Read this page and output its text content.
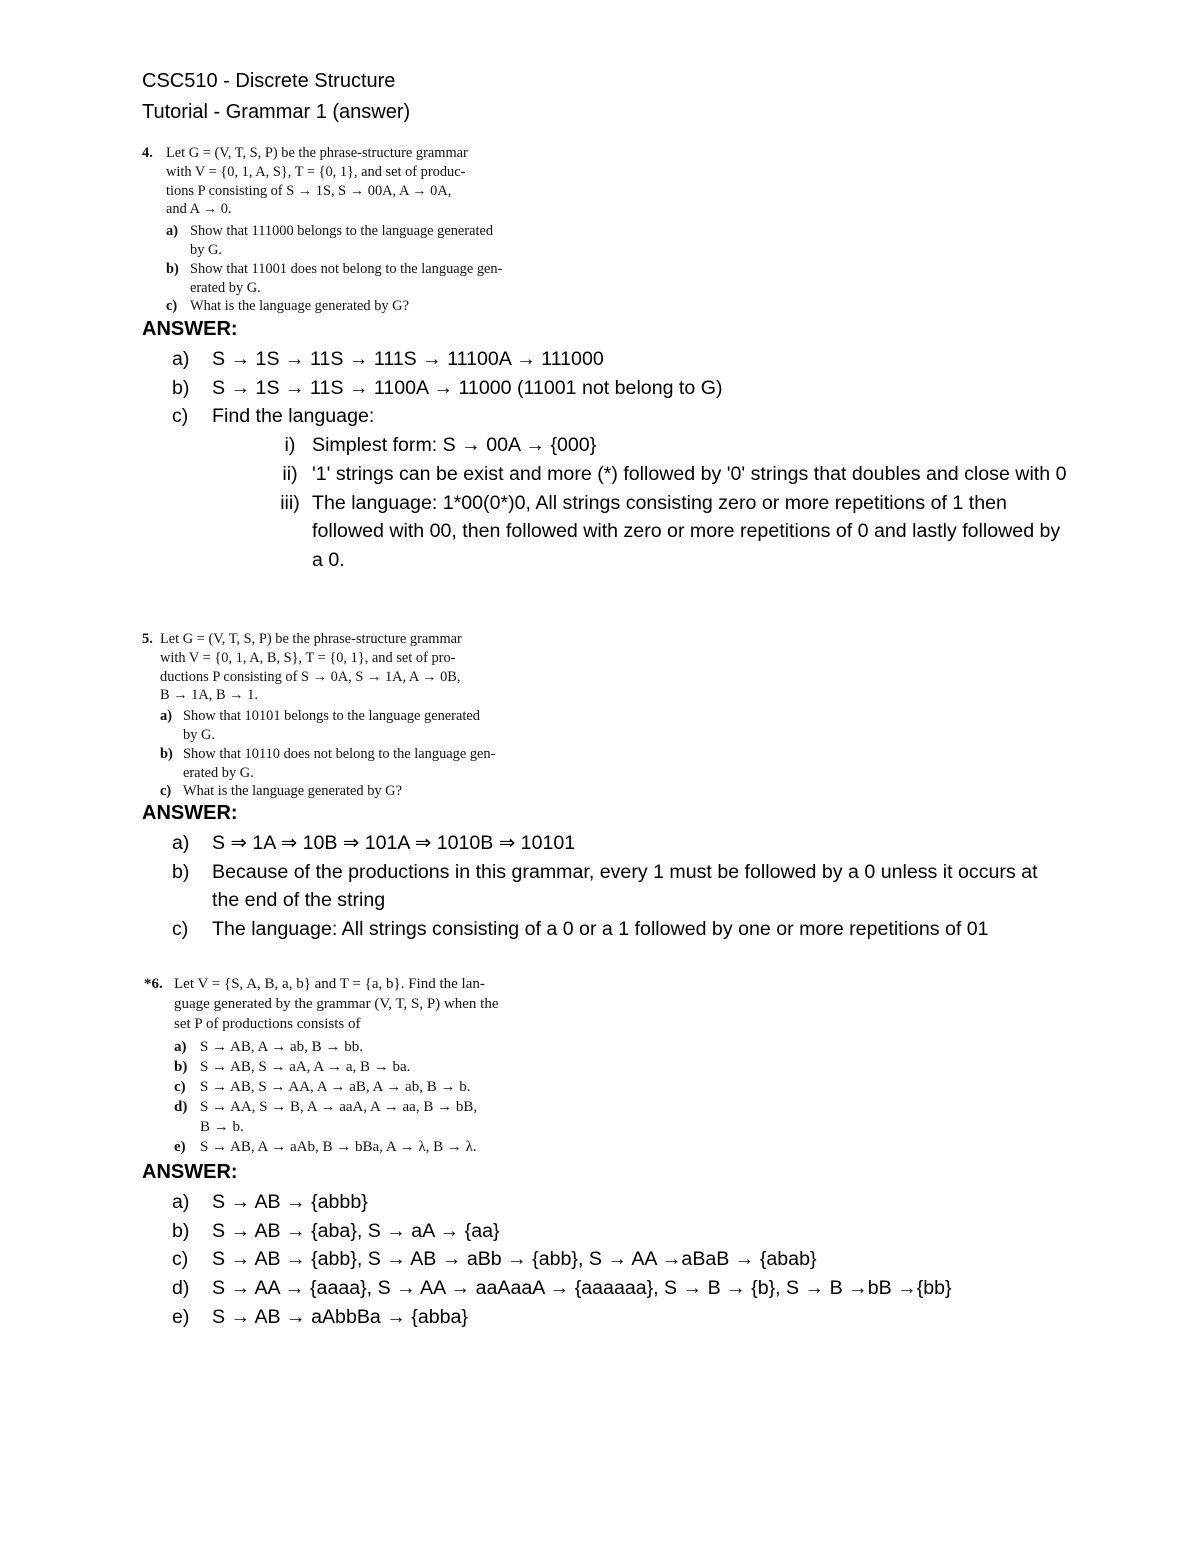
CSC510 - Discrete Structure
Tutorial - Grammar 1 (answer)
4. Let G = (V, T, S, P) be the phrase-structure grammar
with V = {0, 1, A, S}, T = {0, 1}, and set of produc-
tions P consisting of S → 1S, S → 00A, A → 0A,
and A → 0.
a) Show that 111000 belongs to the language generated
by G.
b) Show that 11001 does not belong to the language gen-
erated by G.
c) What is the language generated by G?
ANSWER:
a) S → 1S → 11S → 111S → 11100A → 111000
b) S → 1S → 11S → 1100A → 11000 (11001 not belong to G)
c) Find the language:
i) Simplest form: S → 00A → {000}
ii) '1' strings can be exist and more (*) followed by '0' strings that doubles and close with 0
iii) The language: 1*00(0*)0, All strings consisting zero or more repetitions of 1 then followed with 00, then followed with zero or more repetitions of 0 and lastly followed by a 0.
5. Let G = (V, T, S, P) be the phrase-structure grammar
with V = {0, 1, A, B, S}, T = {0, 1}, and set of pro-
ductions P consisting of S → 0A, S → 1A, A → 0B,
B → 1A, B → 1.
a) Show that 10101 belongs to the language generated
by G.
b) Show that 10110 does not belong to the language gen-
erated by G.
c) What is the language generated by G?
ANSWER:
a) S ⇒ 1A ⇒ 10B ⇒ 101A ⇒ 1010B ⇒ 10101
b) Because of the productions in this grammar, every 1 must be followed by a 0 unless it occurs at the end of the string
c) The language: All strings consisting of a 0 or a 1 followed by one or more repetitions of 01
*6. Let V = {S, A, B, a, b} and T = {a, b}. Find the lan-
guage generated by the grammar (V, T, S, P) when the
set P of productions consists of
a) S → AB, A → ab, B → bb.
b) S → AB, S → aA, A → a, B → ba.
c) S → AB, S → AA, A → aB, A → ab, B → b.
d) S → AA, S → B, A → aaA, A → aa, B → bB,
B → b.
e) S → AB, A → aAb, B → bBa, A → λ, B → λ.
ANSWER:
a) S → AB → {abbb}
b) S → AB → {aba}, S → aA → {aa}
c) S → AB → {abb}, S → AB → aBb → {abb}, S → AA →aBaB → {abab}
d) S → AA → {aaaa}, S → AA → aaAaaA → {aaaaaa}, S → B → {b}, S → B →bB →{bb}
e) S → AB → aAbbBa → {abba}
